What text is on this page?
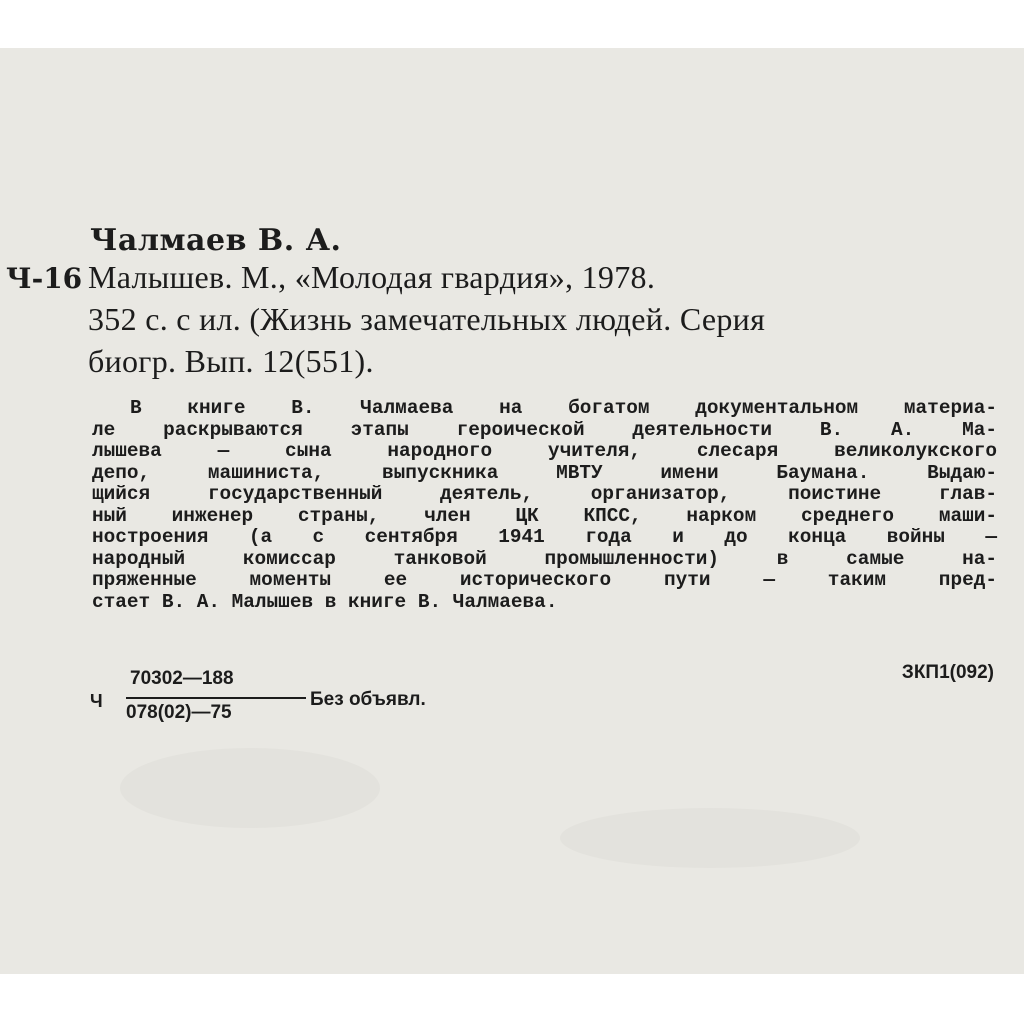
Чалмаев В. А.
Ч-16 Малышев. М., «Молодая гвардия», 1978.
352 с. с ил. (Жизнь замечательных людей. Серия
биогр. Вып. 12(551).
В книге В. Чалмаева на богатом документальном материа-
ле раскрываются этапы героической деятельности В. А. Ма-
лышева — сына народного учителя, слесаря великолукского
депо, машиниста, выпускника МВТУ имени Баумана. Выдаю-
щийся государственный деятель, организатор, поистине глав-
ный инженер страны, член ЦК КПСС, нарком среднего маши-
ностроения (а с сентября 1941 года и до конца войны —
народный комиссар танковой промышленности) в самые на-
пряженные моменты ее исторического пути — таким пред-
стает В. А. Малышев в книге В. Чалмаева.
ЗКП1(092)
Ч
70302—188
078(02)—75
Без объявл.
